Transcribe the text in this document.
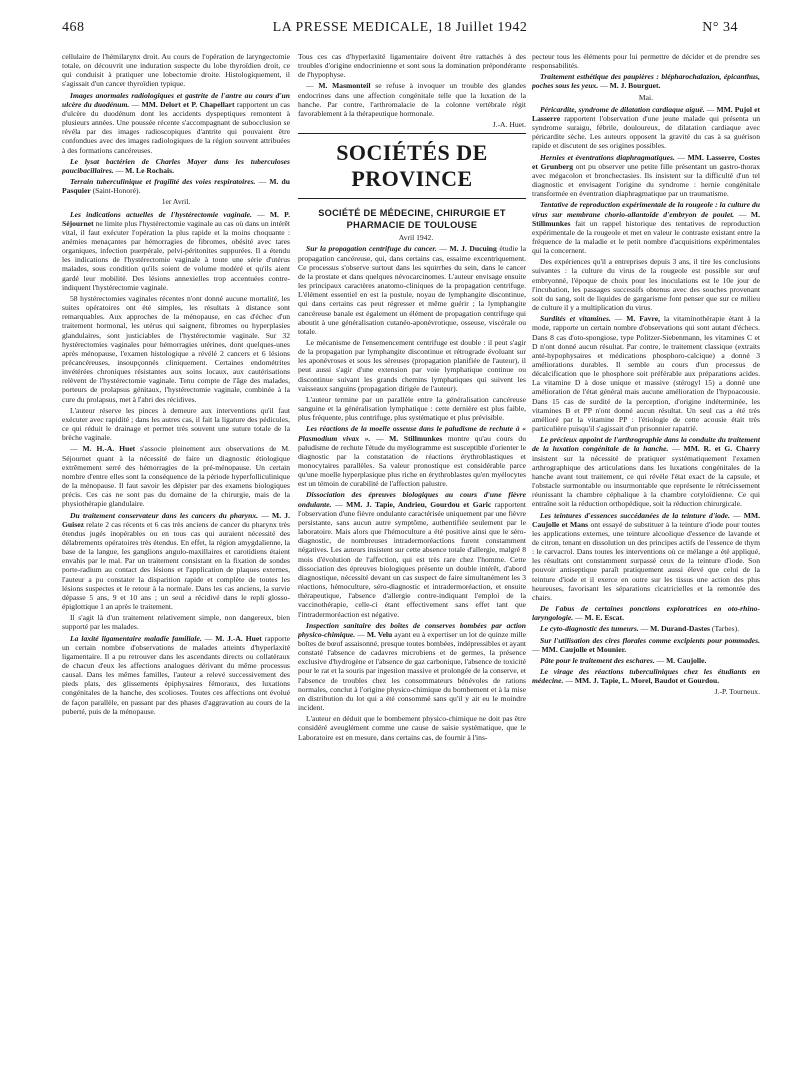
468	LA PRESSE MEDICALE, 18 Juillet 1942	N° 34

cellulaire de l'hémilarynx droit. Au cours de l'opération de laryngectomie totale, on découvrit une induration suspecte du lobe thyroïdien droit, ce qui conduisit à pratiquer une lobectomie droite. Histologiquement, il s'agissait d'un cancer thyroïdien typique.

Images anormales radiologiques et gastrite de l'antre au cours d'un ulcère du duodénum. — MM. Delort et P. Chapellart rapportent un cas d'ulcère du duodénum dont les accidents dyspeptiques remontent à plusieurs années. Une poussée récente s'accompagnant de subocclusion se révéla par des images radioscopiques d'antrite qui pouvaient être confondues avec des images radiologiques de la région souvent attribuées à des formations cancéreuses.

Le lysat bactérien de Charles Mayer dans les tuberculoses paucibacillaires. — M. Le Rochais.

Terrain tuberculinique et fragilité des voies respiratoires. — M. du Pasquier (Saint-Honoré).

1er Avril.

Les indications actuelles de l'hystérectomie vaginale. — M. P. Séjournet ne limite plus l'hystérectomie vaginale au cas où dans un intérêt vital, il faut exécuter l'opération la plus rapide et la moins choquante : anémies menaçantes par hémorragies de fibromes, obésité avec tares organiques, infection puerpérale, pelvi-péritonites suppurées. Il a étendu les indications de l'hystérectomie vaginale à toute une série d'utérus malades, sous condition qu'ils soient de volume modéré et qu'ils aient gardé leur mobilité. Des lésions annexielles trop accentuées contre-indiquent l'hystérectomie vaginale.

58 hystérectomies vaginales récentes n'ont donné aucune mortalité, les suites opératoires ont été simples, les résultats à distance sont remarquables. Aux approches de la ménopause, en cas d'échec d'un traitement hormonal, les utérus qui saignent, fibromes ou hyperplasies glandulaires, sont justiciables de l'hystérectomie vaginale. Sur 32 hystérectomies vaginales pour hémorragies utérines, dont quelques-unes après ménopause, l'examen histologique a révélé 2 cancers et 6 lésions précancéreuses, insoupçonnés cliniquement. Certaines endométrites invétérées chroniques résistantes aux soins locaux, aux cautérisations relèvent de l'hystérectomie vaginale. Tenu compte de l'âge des malades, porteurs de prolapsus génitaux, l'hystérectomie vaginale, combinée à la cure du prolapsus, met à l'abri des récidives.

L'auteur réserve les pinces à demeure aux interventions qu'il faut exécuter avec rapidité ; dans les autres cas, il fait la ligature des pédicules, ce qui réduit le drainage et permet très souvent une suture totale de la brèche vaginale.

— M. H.-A. Huet s'associe pleinement aux observations de M. Séjournet quant à la nécessité de faire un diagnostic étiologique extrêmement serré des hémorragies de la pré-ménopause. Un certain nombre d'entre elles sont la conséquence de la période hyperfolliculinique de la ménopause. Il faut savoir les dépister par des examens biologiques précis. Ces cas ne sont pas du domaine de la chirurgie, mais de la physiothérapie glandulaire.

Du traitement conservateur dans les cancers du pharynx. — M. J. Guisez relate 2 cas récents et 6 cas très anciens de cancer du pharynx très étendus jugés inopérables ou en tous cas qui auraient nécessité des délabrements opératoires très étendus. En effet, la région amygdalienne, la base de la langue, les ganglions angulo-maxillaires et carotidiens étaient envahis par le mal. Par un traitement consistant en la fixation de sondes porte-radium au contact des lésions et l'application de plaques externes, l'auteur a pu constater la disparition rapide et complète de toutes les lésions suspectes et le retour à la normale. Dans les cas anciens, la survie dépasse 5 ans, 9 et 10 ans ; un seul a récidivé dans le repli glosso-épiglottique 1 an après le traitement.

Il s'agit là d'un traitement relativement simple, non dangereux, bien supporté par les malades.

La laxité ligamentaire maladie familiale. — M. J.-A. Huet rapporte un certain nombre d'observations de malades atteints d'hyperlaxité ligamentaire. Il a pu retrouver dans les ascendants directs ou collatéraux de chacun d'eux les affections analogues dérivant du même processus causal. Dans les mêmes familles, l'auteur a relevé successivement des pieds plats, des glissements épiphysaires fémoraux, des luxations congénitales de la hanche, des scolioses. Toutes ces affections ont évolué de façon parallèle, en passant par des phases d'aggravation au cours de la puberté, puis de la ménopause.

Tous ces cas d'hyperlaxité ligamentaire doivent être rattachés à des troubles d'origine endocrinienne et sont sous la domination prépondérante de l'hypophyse.

— M. Masmonteil se refuse à invoquer un trouble des glandes endocrines dans une affection congénitale telle que la luxation de la hanche. Par contre, l'arthromalacie de la colonne vertébrale régit favorablement à la thérapeutique hormonale.

J.-A. Huet.

SOCIÉTÉS DE PROVINCE
SOCIÉTÉ DE MÉDECINE, CHIRURGIE ET PHARMACIE DE TOULOUSE

Avril 1942.

Sur la propagation centrifuge du cancer. — M. J. Ducuing étudie la propagation cancéreuse, qui, dans certains cas, essaime excentriquement. Ce processus s'observe surtout dans les squirrhes du sein, dans le cancer de la prostate et dans quelques névocarcinomes. L'auteur envisage ensuite les principaux caractères anatomo-cliniques de la propagation centrifuge. L'élément essentiel en est la pustule, noyau de lymphangite discontinue, qui dans certains cas peut régresser et même guérir ; la lymphangite cancéreuse banale est également un élément de propagation centrifuge qui aboutit à une généralisation cutanéo-aponévrotique, osseuse, viscérale ou totale.

Le mécanisme de l'ensemencement centrifuge est double : il peut s'agir de la propagation par lymphangite discontinue et rétrograde évoluant sur les aponévroses et sous les séreuses (propagation planifiée de l'auteur), il peut aussi s'agir d'une extension par voie lymphatique continue ou discontinue suivant les grands chemins lymphatiques qui suivent les vaisseaux sanguins (propagation dirigée de l'auteur).

L'auteur termine par un parallèle entre la généralisation cancéreuse sanguine et la généralisation lymphatique : cette dernière est plus faible, plus fréquente, plus centrifuge, plus systématique et plus prévisible.

Les réactions de la moelle osseuse dans le paludisme de rechute à « Plasmodium vivax ». — M. Stillmunkes montre qu'au cours du paludisme de rechute l'étude du myélogramme est susceptible d'orienter le diagnostic par la constatation de réactions érythroblastiques et monocytaires parallèles. Sa valeur pronostique est considérable parce qu'une moelle hyperplasique plus riche en érythroblastes qu'en myélocytes est un témoin de curabilité de l'affection palustre.

Dissociation des épreuves biologiques au cours d'une fièvre ondulante. — MM. J. Tapie, Andrieu, Gourdou et Garic rapportent l'observation d'une fièvre ondulante caractérisée uniquement par une fièvre persistante, sans aucun autre symptôme, authentifiée seulement par le laboratoire. Mais alors que l'hémoculture a été positive ainsi que le séro-diagnostic, de nombreuses intradermoréactions furent constamment négatives. Les auteurs insistent sur cette absence totale d'allergie, malgré 8 mois d'évolution de l'affection, qui est très rare chez l'homme. Cette dissociation des épreuves biologiques présente un double intérêt, d'abord diagnostique, nécessité devant un cas suspect de faire simultanément les 3 réactions, hémoculture, séro-diagnostic et intradermoréaction, et ensuite thérapeutique, l'absence d'allergie contre-indiquant l'emploi de la vaccinothérapie, celle-ci étant effectivement sans effet tant que l'intradermoréaction est négative.

Inspection sanitaire des boîtes de conserves bombées par action physico-chimique. — M. Velu ayant eu à expertiser un lot de quinze mille boîtes de bœuf assaisonné, presque toutes bombées, indépressibles et ayant constaté l'absence de cadavres microbiens et de germes, la présence exclusive d'hydrogène et l'absence de gaz carbonique, l'absence de toxicité pour le rat et la souris par ingestion massive et prolongée de la conserve, et l'absence de troubles chez les consommateurs bénévoles de rations normales, conclut à l'origine physico-chimique du bombement et à la mise en distribution du lot qui a été consommé sans qu'il y ait eu le moindre incident.

L'auteur en déduit que le bombement physico-chimique ne doit pas être considéré aveuglément comme une cause de saisie systématique, que le Laboratoire est en mesure, dans certains cas, de fournir à l'ins-

pecteur tous les éléments pour lui permettre de décider et de prendre ses responsabilités.

Traitement esthétique des paupières : blépharochalazion, épicanthus, poches sous les yeux. — M. J. Bourguet.

Mai.

Péricardite, syndrome de dilatation cardiaque aiguë. — MM. Pujol et Lasserre rapportent l'observation d'une jeune malade qui présenta un syndrome suraigu, fébrile, douloureux, de dilatation cardiaque avec péricardite sèche. Les auteurs opposent la gravité du cas à sa guérison rapide et discutent de ses origines possibles.

Hernies et éventrations diaphragmatiques. — MM. Lasserre, Costes et Grunberg ont pu observer une petite fille présentant un gastro-thorax avec mégacolon et bronchectasies. Ils insistent sur la difficulté d'un tel diagnostic et envisagent l'origine du syndrome : hernie congénitale transformée en éventration diaphragmatique par un traumatisme.

Tentative de reproduction expérimentale de la rougeole : la culture du virus sur membrane chorio-allantoïde d'embryon de poulet. — M. Stillmunkes fait un rappel historique des tentatives de reproduction expérimentale de la rougeole et met en valeur le contraste existant entre la fréquence de la maladie et le petit nombre d'acquisitions expérimentales qui la concernent.

Des expériences qu'il a entreprises depuis 3 ans, il tire les conclusions suivantes : la culture du virus de la rougeole est possible sur œuf embryonné, l'époque de choix pour les inoculations est le 10e jour de l'incubation, les passages successifs obtenus avec des souches provenant soit du sang, soit de liquides de gargarisme font penser que sur ce milieu de culture il y a multiplication du virus.

Surdités et vitamines. — M. Favre, la vitaminothérapie étant à la mode, rapporte un certain nombre d'observations qui sont autant d'échecs. Dans 8 cas d'oto-spongiose, type Politzer-Siebenmann, les vitamines C et D n'ont donné aucun résultat. Par contre, le traitement classique (extraits anté-hypophysaires et médications phosphoro-calcique) a donné 3 améliorations durables. Il semble au cours d'un processus de décalcification que le phosphore soit préférable aux préparations acides. La vitamine D à dose unique et massive (stérogyl 15) a donné une amélioration de l'état général mais aucune amélioration de l'hypoacousie. Dans 15 cas de surdité de la perception, d'origine indéterminée, les vitamines B et PP n'ont donné aucun résultat. Un seul cas a été très amélioré par la vitamine PP : l'étiologie de cette acousie était très particulière puisqu'il s'agissait d'un prisonnier rapatrié.

Le précieux appoint de l'arthrographie dans la conduite du traitement de la luxation congénitale de la hanche. — MM. R. et G. Charry insistent sur la nécessité de pratiquer systématiquement l'examen arthrographique des articulations dans les luxations congénitales de la hanche avant tout traitement, ce qui révèle l'état exact de la capsule, et l'obstacle surmontable ou insurmontable que représente le rétrécissement réunissant la chambre céphalique à la chambre cotyloïdienne. Ce qui entraîne soit la réduction orthopédique, soit la réduction chirurgicale.

Les teintures d'essences succédanées de la teinture d'iode. — MM. Caujolle et Mans ont essayé de substituer à la teinture d'iode pour toutes les applications externes, une teinture alcoolique d'essence de lavande et de citron, tenant en dissolution un des principes actifs de l'essence de thym : le carvacrol. Dans toutes les interventions où ce mélange a été appliqué, les résultats ont constamment surpassé ceux de la teinture d'iode. Son pouvoir antiseptique paraît pratiquement aussi élevé que celui de la teinture d'iode et il exerce en outre sur les tissus une action des plus heureuses, favorisant les séparations cicatricielles et la remontée des chairs.

De l'abus de certaines ponctions exploratrices en oto-rhino-laryngologie. — M. E. Escat.

Le cyto-diagnostic des tumeurs. — M. Durand-Dastes (Tarbes).

Sur l'utilisation des cires florales comme excipients pour pommades. — MM. Caujolle et Mounier.

Pâte pour le traitement des eschares. — M. Caujolle.

Le virage des réactions tuberculiniques chez les étudiants en médecine. — MM. J. Tapie, L. Morel, Baudot et Gourdou.

J.-P. Tourneux.
